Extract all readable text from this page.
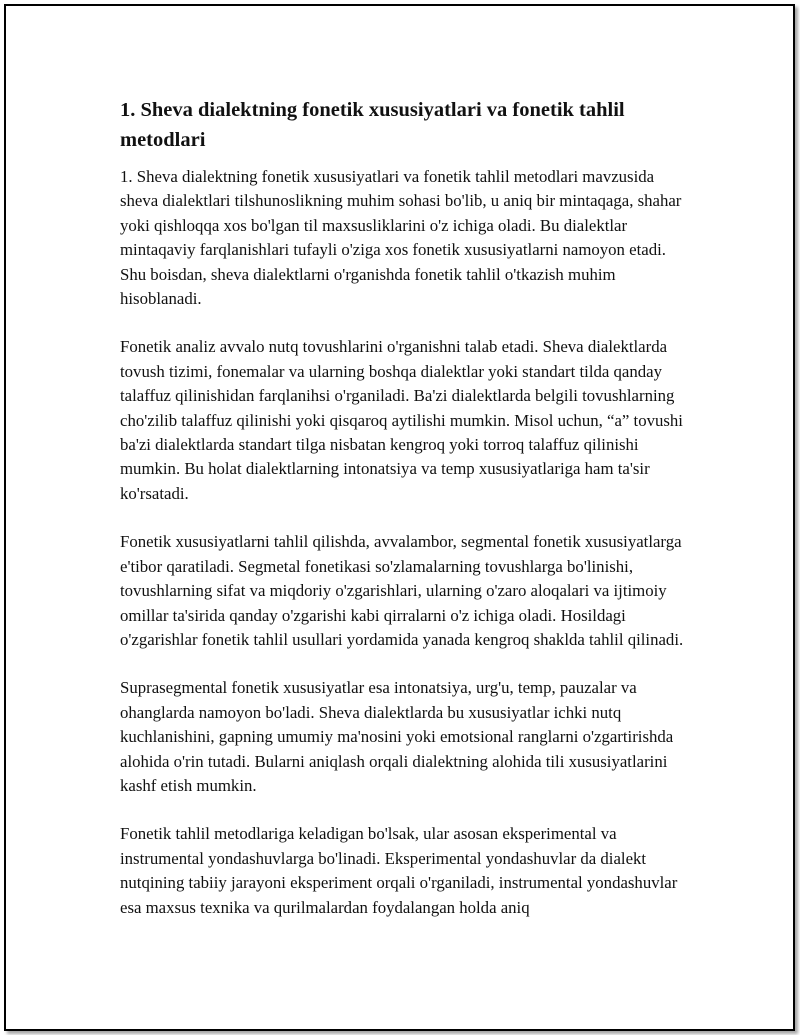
1. Sheva dialektning fonetik xususiyatlari va fonetik tahlil metodlari

1. Sheva dialektning fonetik xususiyatlari va fonetik tahlil metodlari mavzusida sheva dialektlari tilshunoslikning muhim sohasi bo'lib, u aniq bir mintaqaga, shahar yoki qishloqqa xos bo'lgan til maxsusliklarini o'z ichiga oladi. Bu dialektlar mintaqaviy farqlanishlari tufayli o'ziga xos fonetik xususiyatlarni namoyon etadi. Shu boisdan, sheva dialektlarni o'rganishda fonetik tahlil o'tkazish muhim hisoblanadi.

Fonetik analiz avvalo nutq tovushlarini o'rganishni talab etadi. Sheva dialektlarda tovush tizimi, fonemalar va ularning boshqa dialektlar yoki standart tilda qanday talaffuz qilinishidan farqlanihsi o'rganiladi. Ba'zi dialektlarda belgili tovushlarning cho'zilib talaffuz qilinishi yoki qisqaroq aytilishi mumkin. Misol uchun, “a” tovushi ba'zi dialektlarda standart tilga nisbatan kengroq yoki torroq talaffuz qilinishi mumkin. Bu holat dialektlarning intonatsiya va temp xususiyatlariga ham ta'sir ko'rsatadi.

Fonetik xususiyatlarni tahlil qilishda, avvalambor, segmental fonetik xususiyatlarga e'tibor qaratiladi. Segmetal fonetikasi so'zlamalarning tovushlarga bo'linishi, tovushlarning sifat va miqdoriy o'zgarishlari, ularning o'zaro aloqalari va ijtimoiy omillar ta'sirida qanday o'zgarishi kabi qirralarni o'z ichiga oladi. Hosildagi o'zgarishlar fonetik tahlil usullari yordamida yanada kengroq shaklda tahlil qilinadi.

Suprasegmental fonetik xususiyatlar esa intonatsiya, urg'u, temp, pauzalar va ohanglarda namoyon bo'ladi. Sheva dialektlarda bu xususiyatlar ichki nutq kuchlanishini, gapning umumiy ma'nosini yoki emotsional ranglarni o'zgartirishda alohida o'rin tutadi. Bularni aniqlash orqali dialektning alohida tili xususiyatlarini kashf etish mumkin.

Fonetik tahlil metodlariga keladigan bo'lsak, ular asosan eksperimental va instrumental yondashuvlarga bo'linadi. Eksperimental yondashuvlar da dialekt nutqining tabiiy jarayoni eksperiment orqali o'rganiladi, instrumental yondashuvlar esa maxsus texnika va qurilmalardan foydalangan holda aniq
